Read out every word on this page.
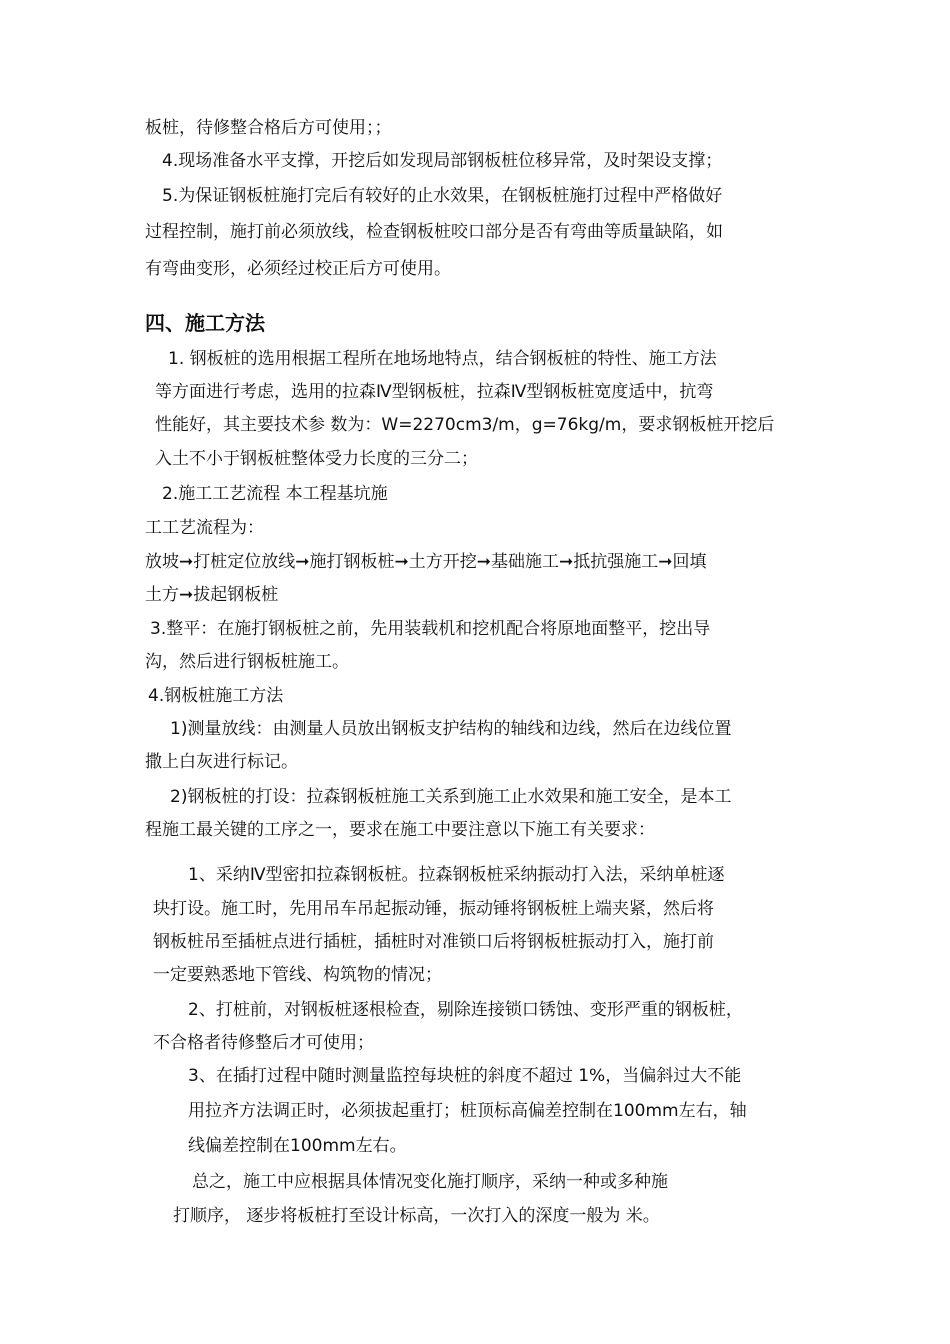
板桩，待修整合格后方可使用；；
4.现场准备水平支撑，开挖后如发现局部钢板桩位移异常，及时架设支撑；
5.为保证钢板桩施打完后有较好的止水效果，在钢板桩施打过程中严格做好
过程控制，施打前必须放线，检查钢板桩咬口部分是否有弯曲等质量缺陷，如
有弯曲变形，必须经过校正后方可使用。
四、施工方法
1. 钢板桩的选用根据工程所在地场地特点，结合钢板桩的特性、施工方法
等方面进行考虑，选用的拉森Ⅳ型钢板桩，拉森Ⅳ型钢板桩宽度适中，抗弯
性能好，其主要技术参 数为：W=2270cm3/m，g=76kg/m，要求钢板桩开挖后
入土不小于钢板桩整体受力长度的三分二；
2.施工工艺流程 本工程基坑施
工工艺流程为：
放坡➞打桩定位放线➞施打钢板桩➞土方开挖➞基础施工➞抵抗强施工➞回填
土方➞拔起钢板桩
3.整平：在施打钢板桩之前，先用装载机和挖机配合将原地面整平，挖出导
沟，然后进行钢板桩施工。
4.钢板桩施工方法
1)测量放线：由测量人员放出钢板支护结构的轴线和边线，然后在边线位置
撒上白灰进行标记。
2)钢板桩的打设：拉森钢板桩施工关系到施工止水效果和施工安全，是本工
程施工最关键的工序之一，要求在施工中要注意以下施工有关要求：
1、采纳Ⅳ型密扣拉森钢板桩。拉森钢板桩采纳振动打入法，采纳单桩逐
块打设。施工时，先用吊车吊起振动锤，振动锤将钢板桩上端夹紧，然后将
钢板桩吊至插桩点进行插桩，插桩时对准锁口后将钢板桩振动打入，施打前
一定要熟悉地下管线、构筑物的情况；
2、打桩前，对钢板桩逐根检查，剔除连接锁口锈蚀、变形严重的钢板桩，
不合格者待修整后才可使用；
3、在插打过程中随时测量监控每块桩的斜度不超过 1%，当偏斜过大不能
用拉齐方法调正时，必须拔起重打；桩顶标高偏差控制在100mm左右，轴
线偏差控制在100mm左右。
总之，施工中应根据具体情况变化施打顺序，采纳一种或多种施
打顺序， 逐步将板桩打至设计标高，一次打入的深度一般为 米。
